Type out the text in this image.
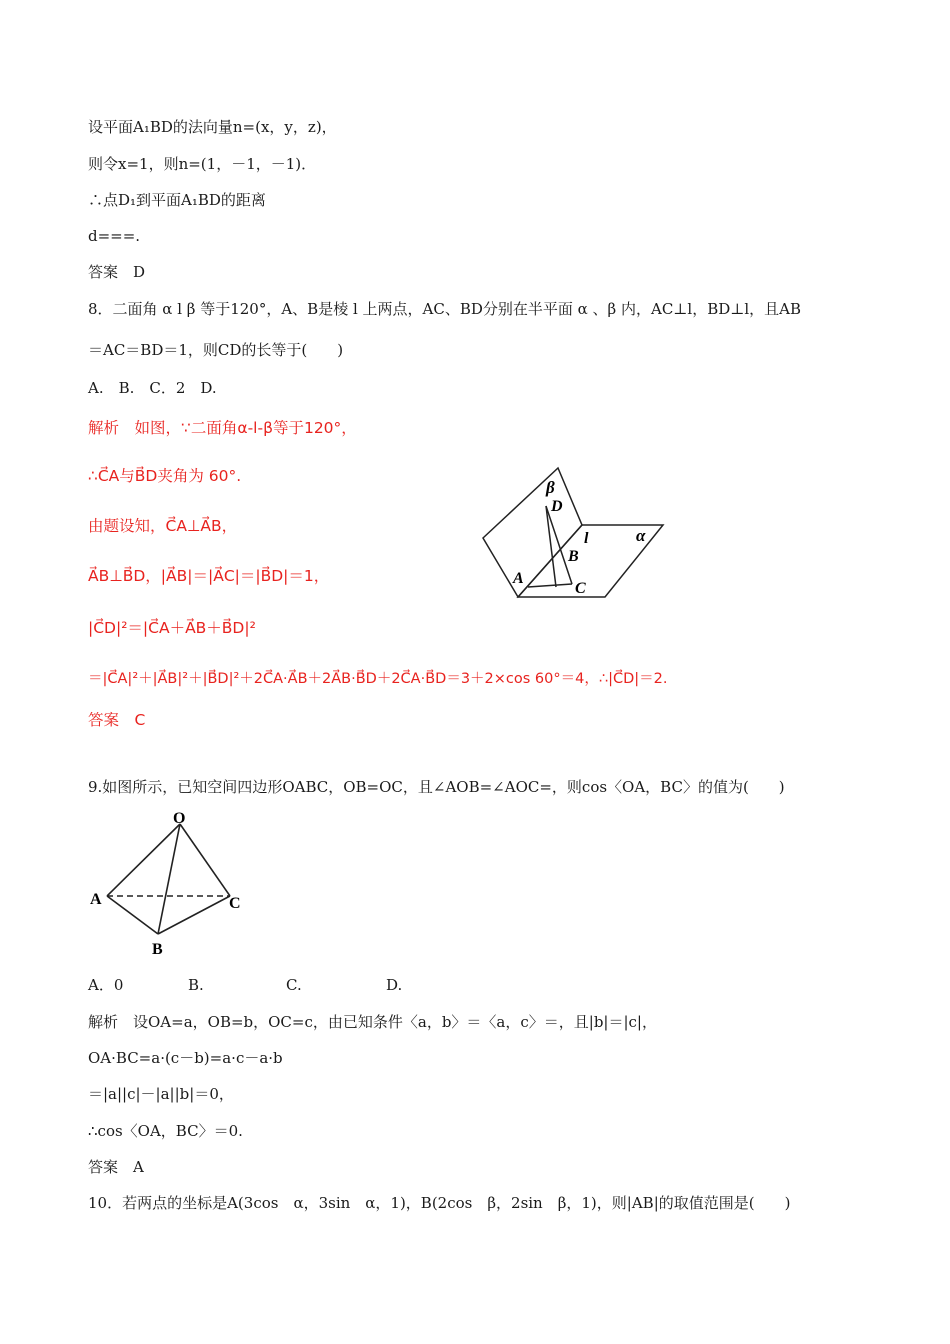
设平面A₁BD的法向量n=(x，y，z)，
则令x=1，则n=(1，－1，－1)．
∴点D₁到平面A₁BD的距离
d===.
答案　D
8．二面角 α l β 等于120°，A、B是棱 l 上两点，AC、BD分别在半平面 α 、β 内，AC⊥l，BD⊥l，且AB
＝AC＝BD＝1，则CD的长等于(　　)
A.　B.　C．2　D.
解析　如图，∵二面角α-l-β等于120°，
∴C⃗A与B⃗D夹角为 60°.
由题设知，C⃗A⊥A⃗B，
A⃗B⊥B⃗D，|A⃗B|＝|A⃗C|＝|B⃗D|＝1，
|C⃗D|²＝|C⃗A＋A⃗B＋B⃗D|²
＝|C⃗A|²＋|A⃗B|²＋|B⃗D|²＋2C⃗A·A⃗B＋2A⃗B·B⃗D＋2C⃗A·B⃗D＝3＋2×cos 60°＝4，∴|C⃗D|＝2.
答案　C
β
D
l	α
B
A
C
9.如图所示，已知空间四边形OABC，OB=OC，且∠AOB=∠AOC=，则cos〈OA，BC〉的值为(　　)
O
A	C
B
A．0	B.	C.	D.
解析　设OA=a，OB=b，OC=c，由已知条件〈a，b〉＝〈a，c〉＝，且|b|＝|c|，
OA·BC=a·(c－b)=a·c－a·b
＝|a||c|－|a||b|＝0，
∴cos〈OA，BC〉＝0.
答案　A
10．若两点的坐标是A(3cos　α，3sin　α，1)，B(2cos　β，2sin　β，1)，则|AB|的取值范围是(　　)
